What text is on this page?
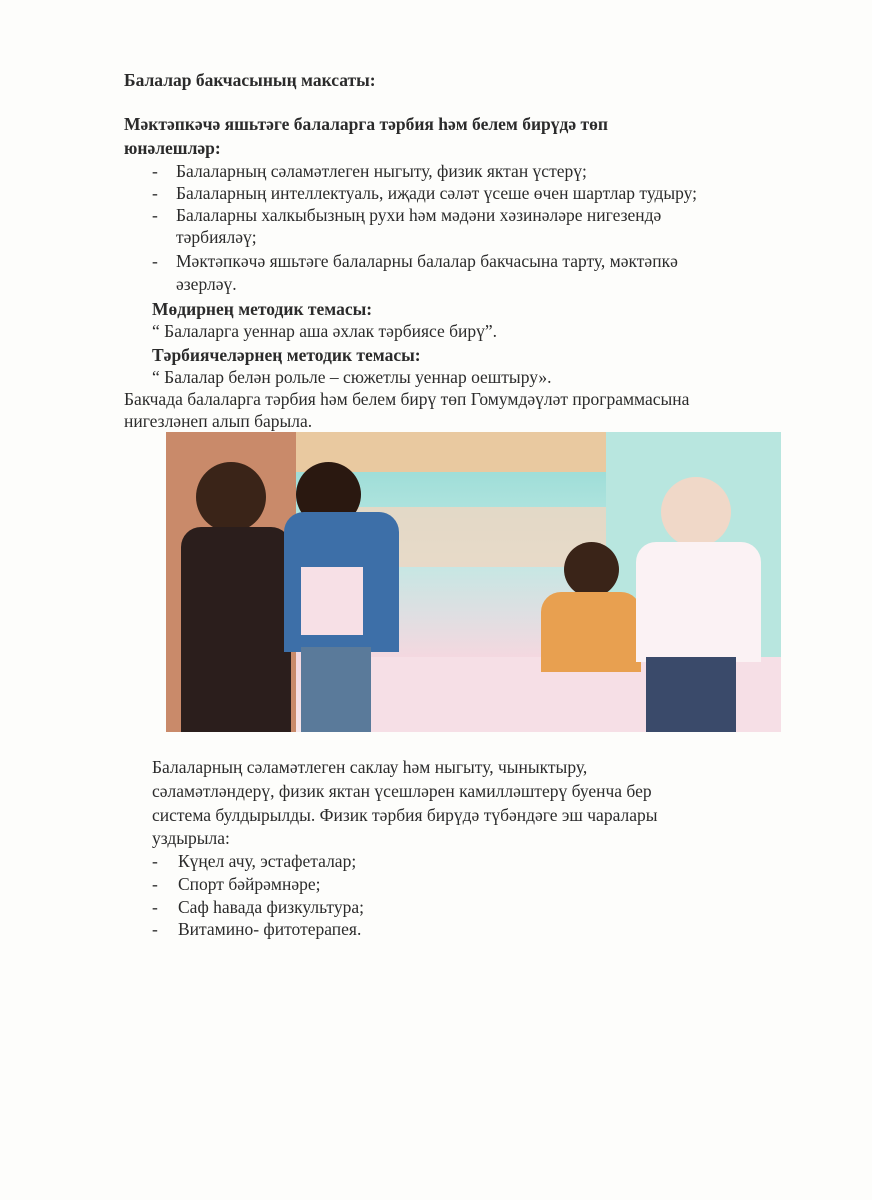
Балалар бакчасының максаты:
Мәктәпкәчә яшьтәге балаларга тәрбия һәм белем бирүдә төп
юнәлешләр:
- Балаларның сәламәтлеген ныгыту, физик яктан үстерү;
- Балаларның интеллектуаль, иҗади сәләт үсеше өчен шартлар тудыру;
- Балаларны халкыбызның рухи һәм мәдәни хәзинәләре нигезендә
тәрбияләү;
- Мәктәпкәчә яшьтәге балаларны балалар бакчасына тарту, мәктәпкә
әзерләү.
Мөдирнең методик темасы:
“ Балаларга уеннар аша әхлак тәрбиясе бирү”.
Тәрбиячеләрнең методик темасы:
“ Балалар белән рольле – сюжетлы уеннар оештыру».
Бакчада балаларга тәрбия һәм белем бирү төп Гомумдәүләт программасына
нигезләнеп алып барыла.
Балаларның сәламәтлеген саклау һәм ныгыту, чыныктыру,
сәламәтләндерү, физик яктан үсешләрен камилләштерү буенча бер
система булдырылды. Физик тәрбия бирүдә түбәндәге эш чаралары
уздырыла:
- Күңел ачу, эстафеталар;
- Спорт бәйрәмнәре;
- Саф һавада физкультура;
- Витамино- фитотерапея.
